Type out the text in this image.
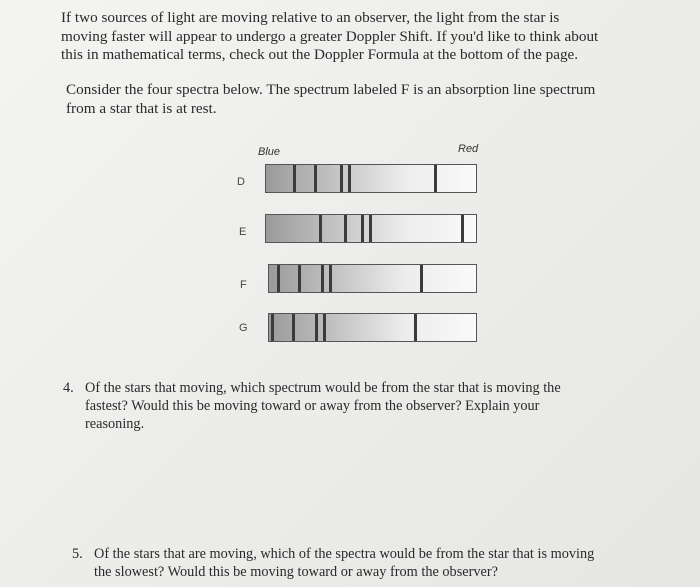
If two sources of light are moving relative to an observer, the light from the star is
moving faster will appear to undergo a greater Doppler Shift. If you'd like to think about
this in mathematical terms, check out the Doppler Formula at the bottom of the page.
Consider the four spectra below. The spectrum labeled F is an absorption line spectrum
from a star that is at rest.
Blue	Red
D
E
F
G
4. Of the stars that moving, which spectrum would be from the star that is moving the
fastest? Would this be moving toward or away from the observer? Explain your
reasoning.
5. Of the stars that are moving, which of the spectra would be from the star that is moving
the slowest? Would this be moving toward or away from the observer?
